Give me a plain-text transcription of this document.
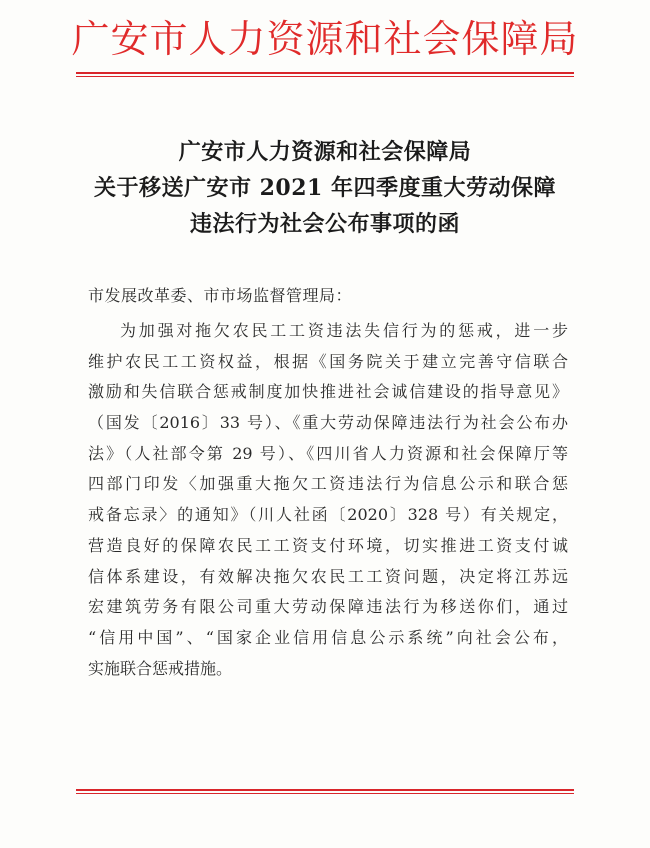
广安市人力资源和社会保障局
广安市人力资源和社会保障局
关于移送广安市 2021 年四季度重大劳动保障
违法行为社会公布事项的函
市发展改革委、市市场监督管理局：
为加强对拖欠农民工工资违法失信行为的惩戒，进一步
维护农民工工资权益，根据《国务院关于建立完善守信联合
激励和失信联合惩戒制度加快推进社会诚信建设的指导意见》
（国发〔2016〕33 号）、《重大劳动保障违法行为社会公布办
法》（人社部令第 29 号）、《四川省人力资源和社会保障厅等
四部门印发〈加强重大拖欠工资违法行为信息公示和联合惩
戒备忘录〉的通知》（川人社函〔2020〕328 号）有关规定，
营造良好的保障农民工工资支付环境，切实推进工资支付诚
信体系建设，有效解决拖欠农民工工资问题，决定将江苏远
宏建筑劳务有限公司重大劳动保障违法行为移送你们，通过
“信用中国”、“国家企业信用信息公示系统”向社会公布，
实施联合惩戒措施。
